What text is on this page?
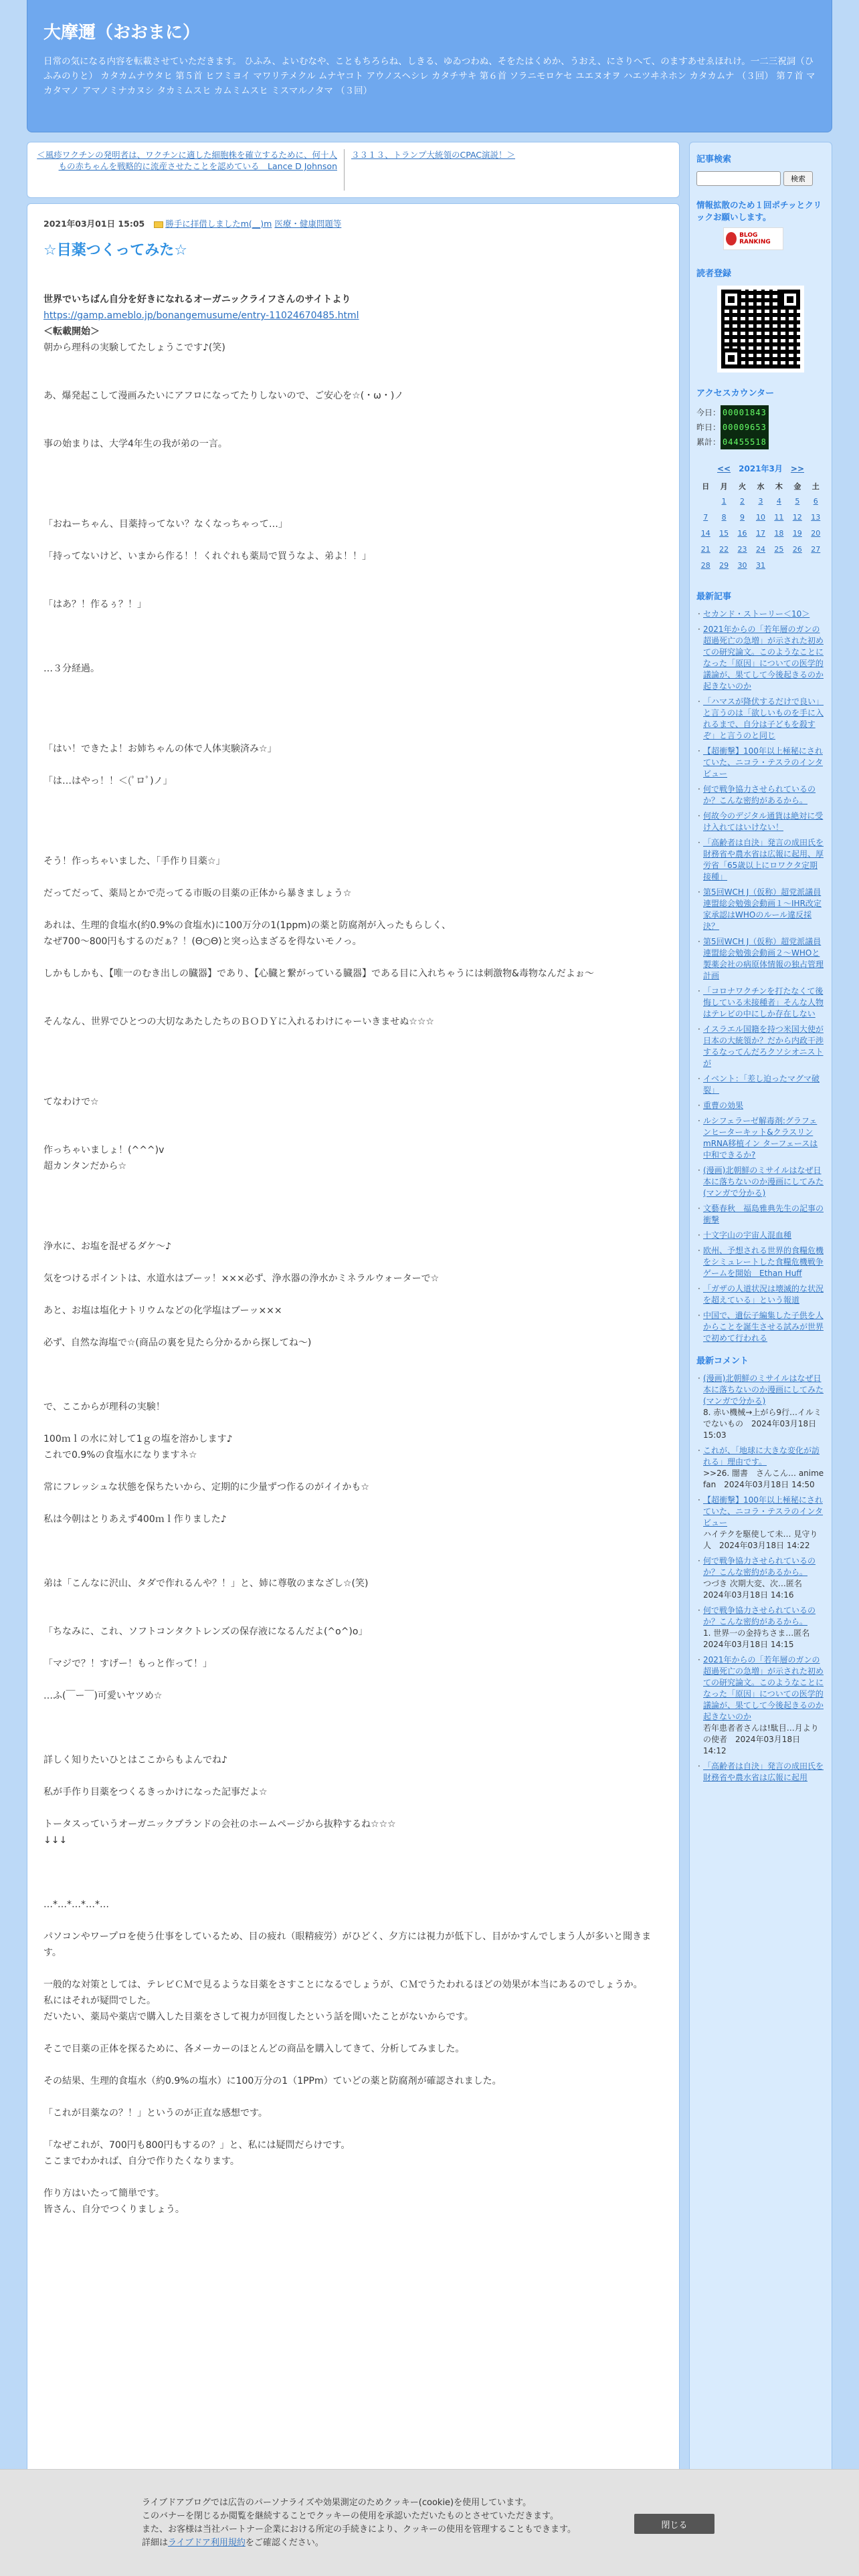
大摩邇（おおまに）

日常の気になる内容を転載させていただきます。 ひふみ、よいむなや、こともちろらね、しきる、ゆゐつわぬ、そをたはくめか、うおえ、にさりへて、のますあせゑほれけ。一二三祝詞（ひふみのりと） カタカムナウタヒ 第５首 ヒフミヨイ マワリテメクル ムナヤコト アウノスヘシレ カタチサキ 第６首 ソラニモロケセ ユエヌオヲ ハエツヰネホン カタカムナ （３回） 第７首 マカタマノ アマノミナカヌシ タカミムスヒ カムミムスヒ ミスマルノタマ （３回）

＜風疹ワクチンの発明者は、ワクチンに適した細胞株を確立するために、何十人もの赤ちゃんを戦略的に流産させたことを認めている　Lance D Johnson
３３１３、トランプ大統領のCPAC演説！＞
2021年03月01日 15:05 勝手に拝借しましたm(__)m 医療・健康問題等
☆目薬つくってみた☆

世界でいちばん自分を好きになれるオーガニックライフさんのサイトより

https://gamp.ameblo.jp/bonangemusume/entry-11024670485.html

＜転載開始＞

朝から理科の実験してたしょうこです♪(笑)

あ、爆発起こして漫画みたいにアフロになってたりしないので、ご安心を☆(・ω・)ノ

事の始まりは、大学4年生の我が弟の一言。

「おねーちゃん、目薬持ってない？なくなっちゃって…」

「持ってないけど、いまから作る！！くれぐれも薬局で買うなよ、弟よ！！」

「はあ？！作るぅ？！」

…３分経過。

「はい！できたよ！お姉ちゃんの体で人体実験済み☆」

「は…はやっ！！＜(ﾟロﾟ)ノ」

そう！作っちゃいました、「手作り目薬☆」

だってだって、薬局とかで売ってる市販の目薬の正体から暴きましょう☆

あれは、生理的食塩水(約0.9%の食塩水)に100万分の1(1ppm)の薬と防腐剤が入ったもらしく、

なぜ700〜800円もするのだぁ？！(Θ○Θ)と突っ込まざるを得ないモノっ。

しかもしかも、【唯一のむき出しの臓器】であり、【心臓と繋がっている臓器】である目に入れちゃうには刺激物&毒物なんだよぉ〜

そんなん、世界でひとつの大切なあたしたちのＢＯＤＹに入れるわけにゃーいきませぬ☆☆☆

てなわけで☆

作っちゃいましょ！(^^^)v

超カンタンだから☆

浄水に、お塩を混ぜるダケ〜♪

気をつけるポイントは、水道水はブーッ！×××必ず、浄水器の浄水かミネラルウォーターで☆

あと、お塩は塩化ナトリウムなどの化学塩はブーッ×××

必ず、自然な海塩で☆(商品の裏を見たら分かるから探してね〜)

で、ここからが理科の実験！

100ｍｌの水に対して1ｇの塩を溶かします♪

これで0.9%の食塩水になりますネ☆

常にフレッシュな状態を保ちたいから、定期的に少量ずつ作るのがイイかも☆

私は今朝はとりあえず400ｍｌ作りました♪

弟は「こんなに沢山、タダで作れるんや？！」と、姉に尊敬のまなざし☆(笑)

「ちなみに、これ、ソフトコンタクトレンズの保存液になるんだよ(^o^)o」

「マジで？！すげー！もっと作って！」

…ふ(￣ー￣)可愛いヤツめ☆

詳しく知りたいひとはここからもよんでね♪

私が手作り目薬をつくるきっかけになった記事だよ☆

トータスっていうオーガニックブランドの会社のホームページから抜粋するね☆☆☆

↓↓↓

…*…*…*…*…

パソコンやワープロを使う仕事をしているため、目の疲れ（眼精疲労）がひどく、夕方には視力が低下し、目がかすんでしまう人が多いと聞きます。

一般的な対策としては、テレビＣＭで見るような目薬をさすことになるでしょうが、ＣＭでうたわれるほどの効果が本当にあるのでしょうか。

私にはそれが疑問でした。

だいたい、薬局や薬店で購入した目薬をさして視力が回復したという話を聞いたことがないからです。

そこで目薬の正体を探るために、各メーカーのほとんどの商品を購入してきて、分析してみました。

その結果、生理的食塩水（約0.9%の塩水）に100万分の1（1PPm）ていどの薬と防腐剤が確認されました。

「これが目薬なの？！」というのが正直な感想です。

「なぜこれが、700円も800円もするの？」と、私には疑問だらけです。

ここまでわかれば、自分で作りたくなります。

作り方はいたって簡単です。

皆さん、自分でつくりましょう。

記事検索
検索
情報拡散のため１回ポチッとクリックお願いします。
BLOG RANKING
読者登録
アクセスカウンター
今日： 00001843
昨日： 00009653
累計： 04455518
<<　 2021年3月　 >>
日	月	火	水	木	金	土
	1	2	3	4	5	6
7	8	9	10	11	12	13
14	15	16	17	18	19	20
21	22	23	24	25	26	27
28	29	30	31			
最新記事
· セカンド・ストーリー＜10＞
· 2021年からの「若年層のガンの超過死亡の急増」が示された初めての研究論文。このようなことになった「原因」についての医学的議論が、果てして今後起きるのか起きないのか
· 「ハマスが降伏するだけで良い」と言うのは「欲しいものを手に入れるまで、自分は子どもを殺すぞ」と言うのと同じ
· 【超衝撃】100年以上極秘にされていた、ニコラ・テスラのインタビュー
· 何で戦争協力させられているのか？こんな密約があるから。
· 何故今のデジタル通貨は絶対に受け入れてはいけない！
· 「高齢者は自決」発言の成田氏を財務省や農水省は広報に起用、厚労省「65歳以上にロワクタ定期接種」
· 第5回WCH J（仮称）超党派議員連盟総会勉強会動画１〜IHR改定家承認はWHOのルール違反採決？
· 第5回WCH J（仮称）超党派議員連盟総会勉強会動画２〜WHOと製薬会社の病原体情報の独占管理計画
· 「コロナワクチンを打たなくて後悔している未接種者」そんな人物はテレビの中にしか存在しない
· イスラエル国籍を持つ米国大使が日本の大統領か？だから内政干渉するなってんだろクソシオニストが
· イベント：「差し迫ったマグマ破裂」
· 重曹の効果
· ルシフェラーゼ解毒剤:グラフェンヒーターキット&クラスリンmRNA移植イン ターフェースは中和できるか?
· (漫画)北朝鮮のミサイルはなぜ日本に落ちないのか漫画にしてみた(マンガで分かる)
· 文藝春秋　福島雅典先生の記事の衝撃
· 十文字山の宇宙人混血種
· 欧州、予想される世界的食糧危機をシミュレートした食糧危機戦争ゲームを開始　Ethan Huff
· 「ガザの人道状況は壊滅的な状況を超えている」という報道
· 中国で、遺伝子編集した子供を人からことを誕生させる試みが世界で初めて行われる
最新コメント
· (漫画)北朝鮮のミサイルはなぜ日本に落ちないのか漫画にしてみた(マンガで分かる)
8. 赤い機械→上がら9行…イルミでないもの　2024年03月18日 15:03
· これが、「地球に大きな変化が訪れる」理由です。
>>26. 闇書　さんこん… anime fan　2024年03月18日 14:50
· 【超衝撃】100年以上極秘にされていた、ニコラ・テスラのインタビュー
ハイテクを駆使して未… 見守り人　2024年03月18日 14:22
· 何で戦争協力させられているのか？こんな密約があるから。
つづき 次期大変、次…匿名　2024年03月18日 14:16
· 何で戦争協力させられているのか？こんな密約があるから。
1. 世界一の金持ちさま…匿名　2024年03月18日 14:15
· 2021年からの「若年層のガンの超過死亡の急増」が示された初めての研究論文。このようなことになった「原因」についての医学的議論が、果てして今後起きるのか起きないのか
若年患者者さんは!駄目…月よりの使者　2024年03月18日 14:12
· 「高齢者は自決」発言の成田氏を財務省や農水省は広報に起用

ライブドアブログでは広告のパーソナライズや効果測定のためクッキー(cookie)を使用しています。
このバナーを閉じるか閲覧を継続することでクッキーの使用を承認いただいたものとさせていただきます。
また、お客様は当社パートナー企業における所定の手続きにより、クッキーの使用を管理することもできます。
詳細はライブドア利用規約をご確認ください。

閉じる
